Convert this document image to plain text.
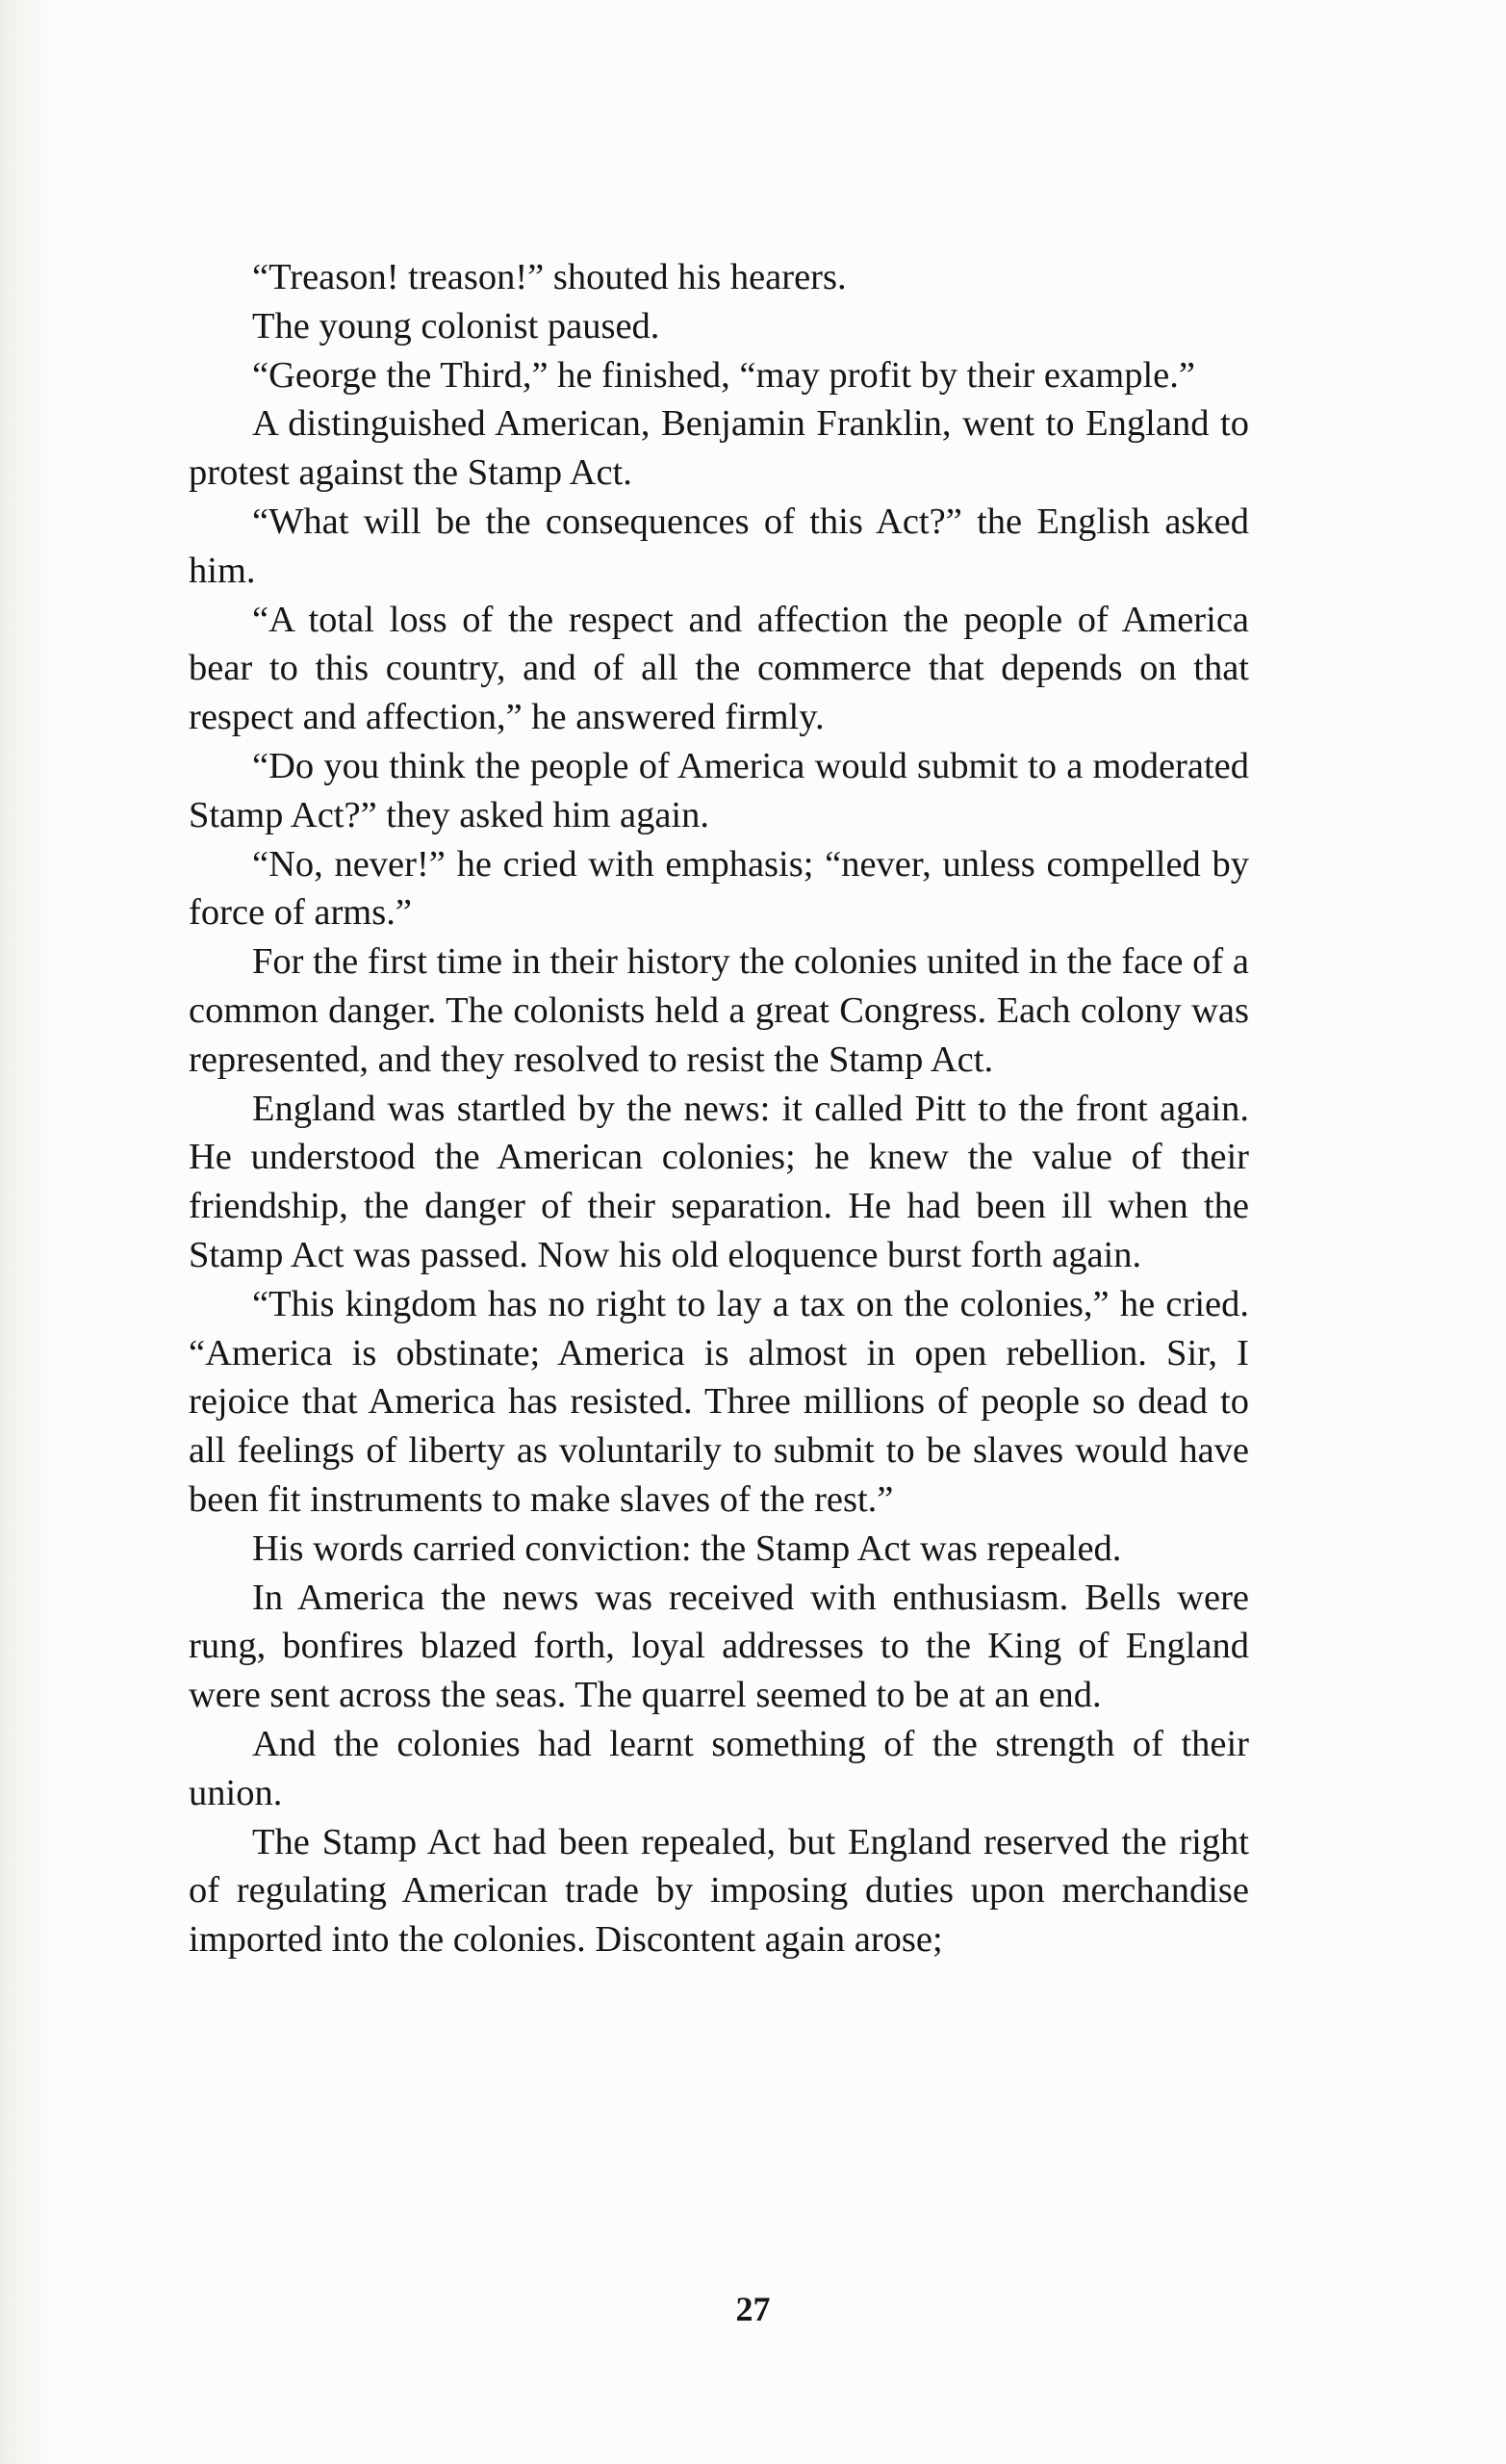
“Treason! treason!” shouted his hearers.

The young colonist paused.

“George the Third,” he finished, “may profit by their example.”

A distinguished American, Benjamin Franklin, went to England to protest against the Stamp Act.

“What will be the consequences of this Act?” the English asked him.

“A total loss of the respect and affection the people of America bear to this country, and of all the commerce that depends on that respect and affection,” he answered firmly.

“Do you think the people of America would submit to a moderated Stamp Act?” they asked him again.

“No, never!” he cried with emphasis; “never, unless compelled by force of arms.”

For the first time in their history the colonies united in the face of a common danger. The colonists held a great Congress. Each colony was represented, and they resolved to resist the Stamp Act.

England was startled by the news: it called Pitt to the front again. He understood the American colonies; he knew the value of their friendship, the danger of their separation. He had been ill when the Stamp Act was passed. Now his old eloquence burst forth again.

“This kingdom has no right to lay a tax on the colonies,” he cried. “America is obstinate; America is almost in open rebellion. Sir, I rejoice that America has resisted. Three millions of people so dead to all feelings of liberty as voluntarily to submit to be slaves would have been fit instruments to make slaves of the rest.”

His words carried conviction: the Stamp Act was repealed.

In America the news was received with enthusiasm. Bells were rung, bonfires blazed forth, loyal addresses to the King of England were sent across the seas. The quarrel seemed to be at an end.

And the colonies had learnt something of the strength of their union.

The Stamp Act had been repealed, but England reserved the right of regulating American trade by imposing duties upon merchandise imported into the colonies. Discontent again arose;

27
